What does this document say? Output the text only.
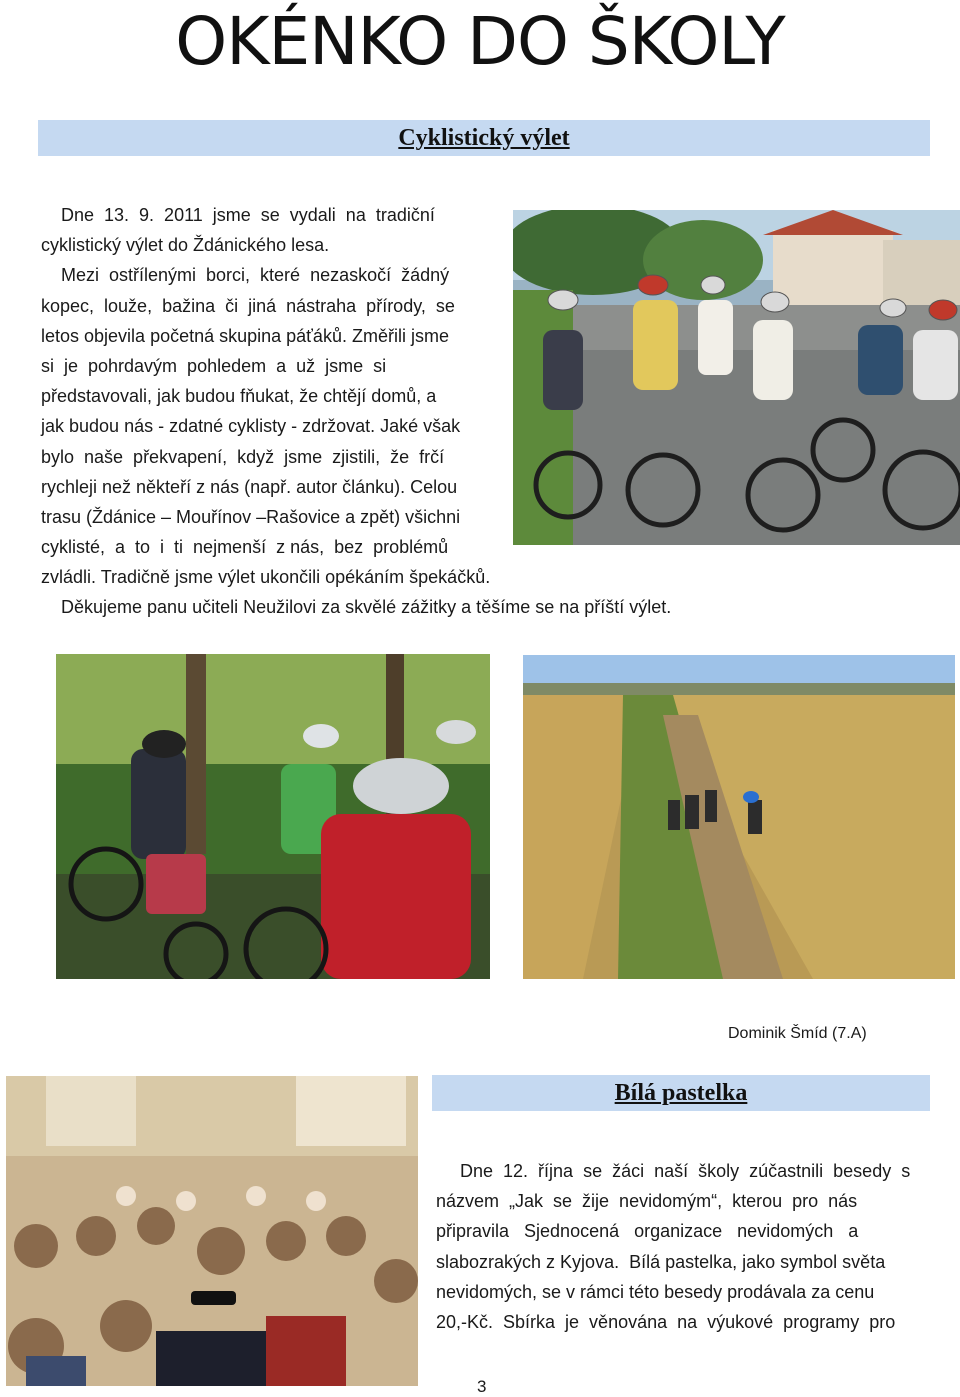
OKÉNKO DO ŠKOLY
Cyklistický výlet
Dne  13.  9.  2011  jsme  se  vydali  na  tradiční
cyklistický výlet do Ždánického lesa.
Mezi  ostřílenými  borci,  které  nezaskočí  žádný
kopec,  louže,  bažina  či  jiná  nástraha  přírody,  se
letos objevila početná skupina páťáků. Změřili jsme
si  je  pohrdavým  pohledem  a  už  jsme  si
představovali, jak budou fňukat, že chtějí domů, a
jak budou nás - zdatné cyklisty - zdržovat. Jaké však
bylo  naše  překvapení,  když  jsme  zjistili,  že  frčí
rychleji než někteří z nás (např. autor článku). Celou
trasu (Ždánice – Mouřínov –Rašovice a zpět) všichni
cyklisté,  a  to  i  ti  nejmenší  z nás,  bez  problémů
zvládli. Tradičně jsme výlet ukončili opékáním špekáčků.
Děkujeme panu učiteli Neužilovi za skvělé zážitky a těšíme se na příští výlet.
Dominik Šmíd (7.A)
Bílá pastelka
Dne  12.  října  se  žáci  naší  školy  zúčastnili  besedy  s
názvem  „Jak  se  žije  nevidomým“,  kterou  pro  nás
připravila   Sjednocená   organizace   nevidomých   a
slabozrakých z Kyjova.  Bílá pastelka, jako symbol světa
nevidomých, se v rámci této besedy prodávala za cenu
20,-Kč.  Sbírka  je  věnována  na  výukové  programy  pro
3
